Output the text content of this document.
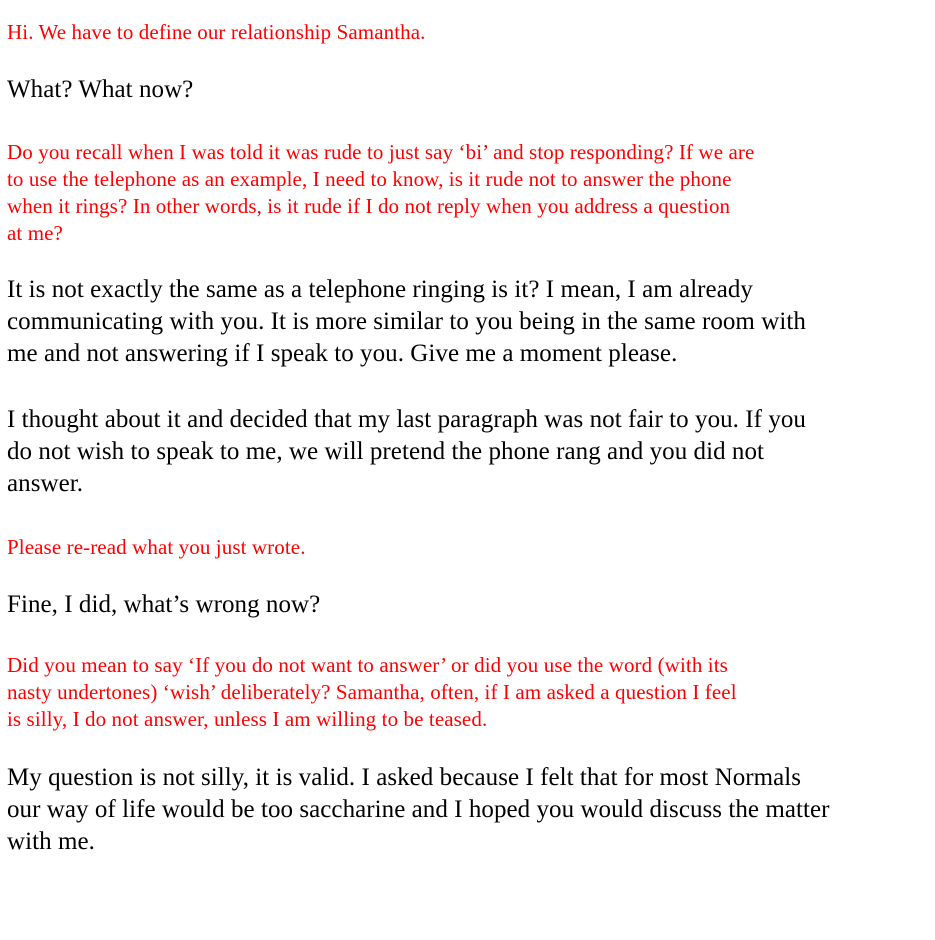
Hi. We have to define our relationship Samantha.
What? What now?
Do you recall when I was told it was rude to just say ‘bi’ and stop responding? If we are
to use the telephone as an example, I need to know, is it rude not to answer the phone
when it rings? In other words, is it rude if I do not reply when you address a question
at me?
It is not exactly the same as a telephone ringing is it? I mean, I am already
communicating with you. It is more similar to you being in the same room with
me and not answering if I speak to you. Give me a moment please.
I thought about it and decided that my last paragraph was not fair to you. If you
do not wish to speak to me, we will pretend the phone rang and you did not
answer.
Please re-read what you just wrote.
Fine, I did, what’s wrong now?
Did you mean to say ‘If you do not want to answer’ or did you use the word (with its
nasty undertones) ‘wish’ deliberately? Samantha, often, if I am asked a question I feel
is silly, I do not answer, unless I am willing to be teased.
My question is not silly, it is valid. I asked because I felt that for most Normals
our way of life would be too saccharine and I hoped you would discuss the matter
with me.
